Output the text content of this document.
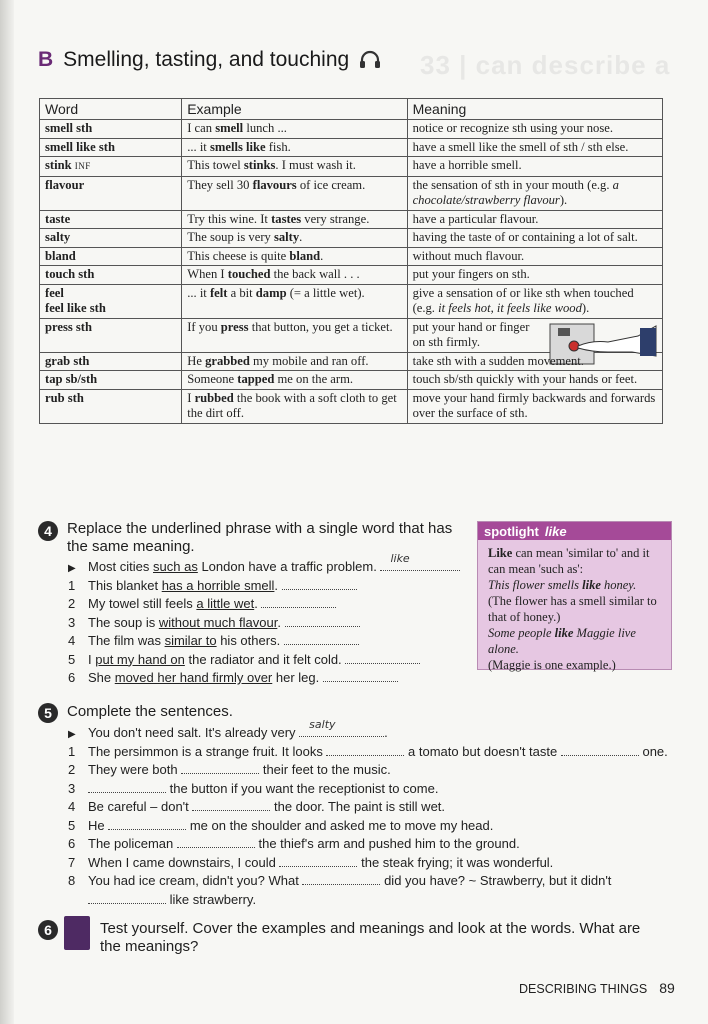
33 | can describe a
B Smelling, tasting, and touching
Word	Example	Meaning
smell sth	I can smell lunch ...	notice or recognize sth using your nose.
smell like sth	... it smells like fish.	have a smell like the smell of sth / sth else.
stink INF	This towel stinks. I must wash it.	have a horrible smell.
flavour	They sell 30 flavours of ice cream.	the sensation of sth in your mouth (e.g. a chocolate/strawberry flavour).
taste	Try this wine. It tastes very strange.	have a particular flavour.
salty	The soup is very salty.	having the taste of or containing a lot of salt.
bland	This cheese is quite bland.	without much flavour.
touch sth	When I touched the back wall . . .	put your fingers on sth.
feel
feel like sth	... it felt a bit damp (= a little wet).	give a sensation of or like sth when touched (e.g. it feels hot, it feels like wood).
press sth	If you press that button, you get a ticket.	put your hand or finger on sth firmly.

grab sth	He grabbed my mobile and ran off.	take sth with a sudden movement.
tap sb/sth	Someone tapped me on the arm.	touch sb/sth quickly with your hands or feet.
rub sth	I rubbed the book with a soft cloth to get the dirt off.	move your hand firmly backwards and forwards over the surface of sth.
4	Replace the underlined phrase with a single word that has the same meaning.
▶ Most cities such as London have a traffic problem.
like
1 This blanket has a horrible smell.
2 My towel still feels a little wet.
3 The soup is without much flavour.
4 The film was similar to his others.
5 I put my hand on the radiator and it felt cold.
6 She moved her hand firmly over her leg.
spotlight like

Like can mean 'similar to' and it can mean 'such as':

This flower smells like honey.

(The flower has a smell similar to that of honey.)

Some people like Maggie live alone.

(Maggie is one example.)

5	Complete the sentences.
▶ You don't need salt. It's already very
salty
.
1 The persimmon is a strange fruit. It looks	a tomato but doesn't taste	one.
2 They were both	their feet to the music.
3	the button if you want the receptionist to come.
4 Be careful – don't	the door. The paint is still wet.
5 He	me on the shoulder and asked me to move my head.
6 The policeman	the thief's arm and pushed him to the ground.
7 When I came downstairs, I could	the steak frying; it was wonderful.
8 You had ice cream, didn't you? What	did you have? ~ Strawberry, but it didn't
like strawberry.
6	Test yourself. Cover the examples and meanings and look at the words. What are the meanings?
DESCRIBING THINGS 89
